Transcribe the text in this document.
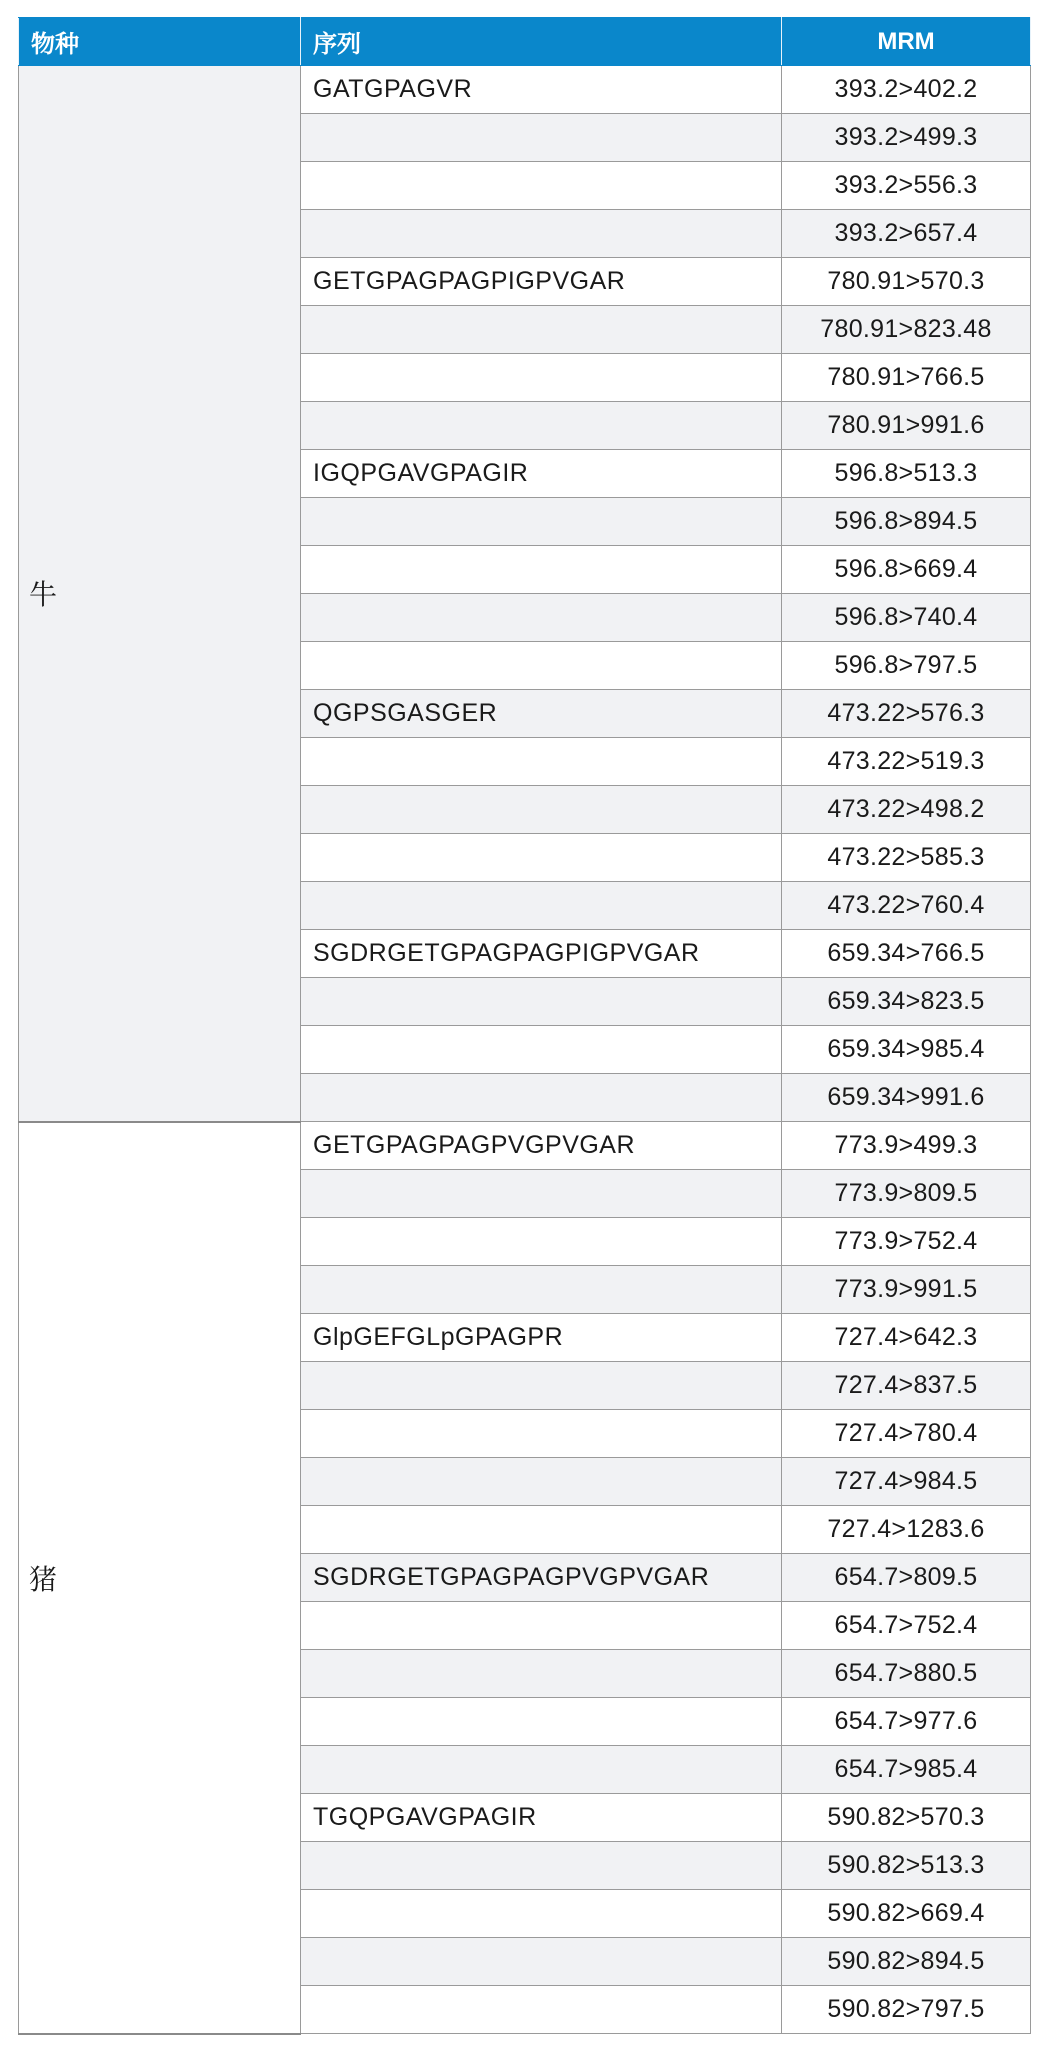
物种	序列	MRM
牛	GATGPAGVR	393.2>402.2
		393.2>499.3
		393.2>556.3
		393.2>657.4
	GETGPAGPAGPIGPVGAR	780.91>570.3
		780.91>823.48
		780.91>766.5
		780.91>991.6
	IGQPGAVGPAGIR	596.8>513.3
		596.8>894.5
		596.8>669.4
		596.8>740.4
		596.8>797.5
	QGPSGASGER	473.22>576.3
		473.22>519.3
		473.22>498.2
		473.22>585.3
		473.22>760.4
	SGDRGETGPAGPAGPIGPVGAR	659.34>766.5
		659.34>823.5
		659.34>985.4
		659.34>991.6
猪	GETGPAGPAGPVGPVGAR	773.9>499.3
		773.9>809.5
		773.9>752.4
		773.9>991.5
	GlpGEFGLpGPAGPR	727.4>642.3
		727.4>837.5
		727.4>780.4
		727.4>984.5
		727.4>1283.6
	SGDRGETGPAGPAGPVGPVGAR	654.7>809.5
		654.7>752.4
		654.7>880.5
		654.7>977.6
		654.7>985.4
	TGQPGAVGPAGIR	590.82>570.3
		590.82>513.3
		590.82>669.4
		590.82>894.5
		590.82>797.5
